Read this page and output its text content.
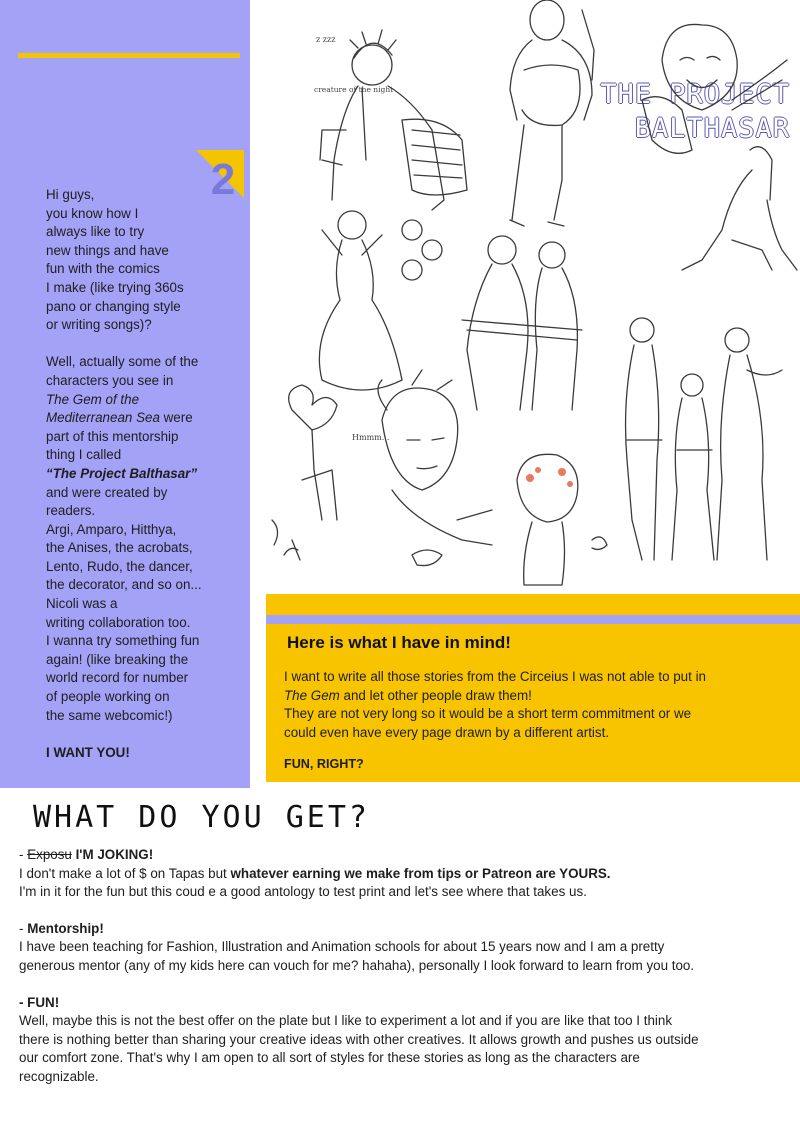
THE PROJECT
BALTHASAR
2

Hi guys,

you know how I

always like to try

new things and have

fun with the comics

I make (like trying 360s

pano or changing style

or writing songs)?

Well, actually some of the

characters you see in

The Gem of the

Mediterranean Sea were

part of this mentorship

thing I called

“The Project Balthasar”

and were created by

readers.

Argi, Amparo, Hitthya,

the Anises, the acrobats,

Lento, Rudo, the dancer,

the decorator, and so on...

Nicoli was a

writing collaboration too.

I wanna try something fun

again! (like breaking the

world record for number

of people working on

the same webcomic!)

I WANT YOU!

z zzz
creature of the night
Hmmm...
Here is what I have in mind!

I want to write all those stories from the Circeius I was not able to put in

The Gem and let other people draw them!

They are not very long so it would be a short term commitment or we

could even have every page drawn by a different artist.

FUN, RIGHT?
WHAT DO YOU GET?

- Exposu I'M JOKING!

I don't make a lot of $ on Tapas but whatever earning we make from tips or Patreon are YOURS.

I'm in it for the fun but this coud e a good antology to test print and let's see where that takes us.

- Mentorship!

I have been teaching for Fashion, Illustration and Animation schools for about 15 years now and I am a pretty

generous mentor (any of my kids here can vouch for me? hahaha), personally I look forward to learn from you too.

- FUN!

Well, maybe this is not the best offer on the plate but I like to experiment a lot and if you are like that too I think

there is nothing better than sharing your creative ideas with other creatives. It allows growth and pushes us outside

our comfort zone. That's why I am open to all sort of styles for these stories as long as the characters are

recognizable.
